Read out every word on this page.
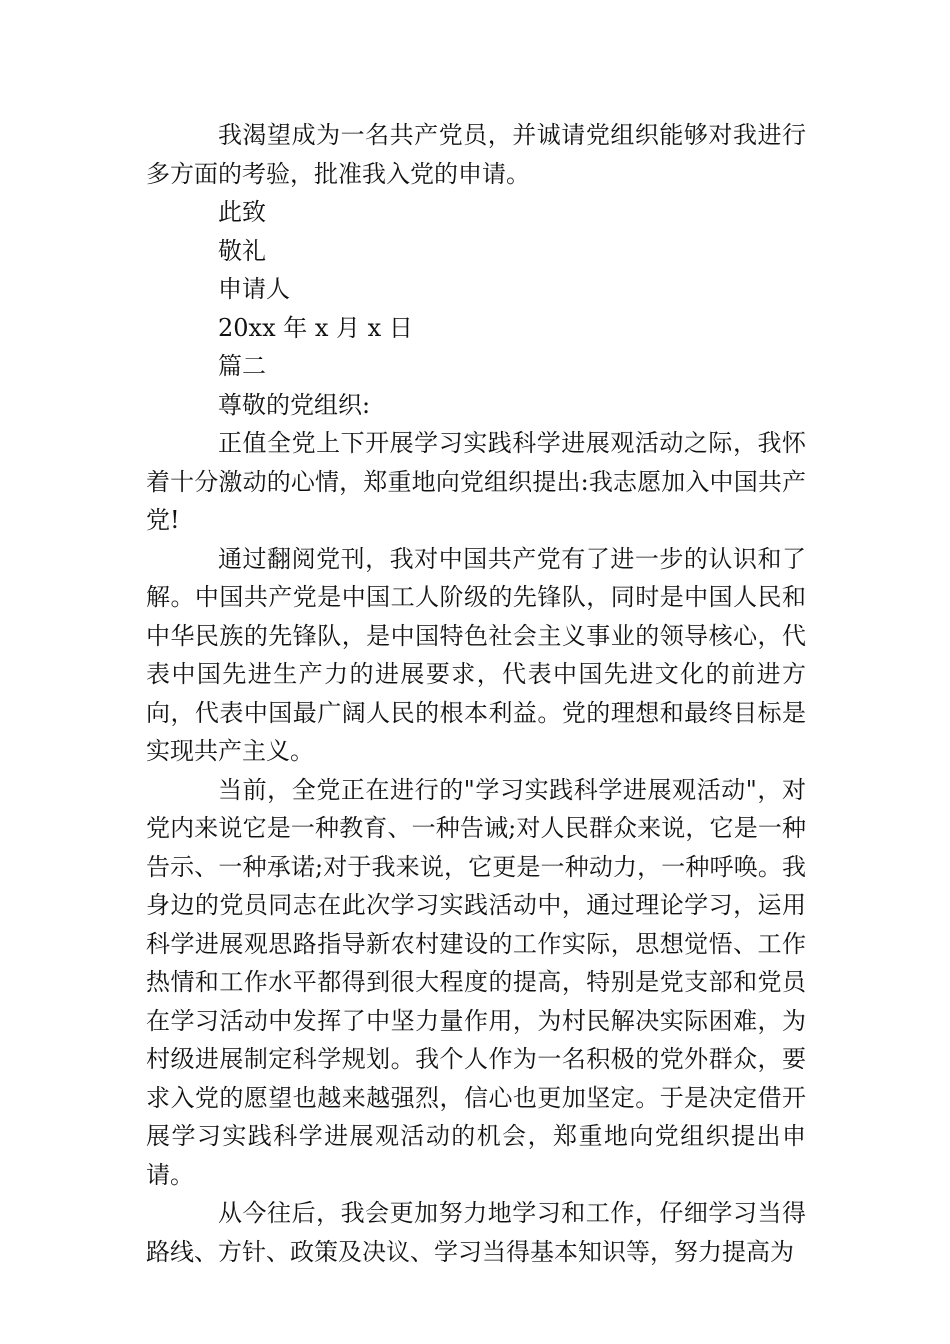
我渴望成为一名共产党员，并诚请党组织能够对我进行多方面的考验，批准我入党的申请。

此致

敬礼

申请人

20xx 年 x 月 x 日

篇二

尊敬的党组织:

正值全党上下开展学习实践科学进展观活动之际，我怀着十分激动的心情，郑重地向党组织提出:我志愿加入中国共产党!

通过翻阅党刊，我对中国共产党有了进一步的认识和了解。中国共产党是中国工人阶级的先锋队，同时是中国人民和中华民族的先锋队，是中国特色社会主义事业的领导核心，代表中国先进生产力的进展要求，代表中国先进文化的前进方向，代表中国最广阔人民的根本利益。党的理想和最终目标是实现共产主义。

当前，全党正在进行的"学习实践科学进展观活动"，对党内来说它是一种教育、一种告诫;对人民群众来说，它是一种告示、一种承诺;对于我来说，它更是一种动力，一种呼唤。我身边的党员同志在此次学习实践活动中，通过理论学习，运用科学进展观思路指导新农村建设的工作实际，思想觉悟、工作热情和工作水平都得到很大程度的提高，特别是党支部和党员在学习活动中发挥了中坚力量作用，为村民解决实际困难，为村级进展制定科学规划。我个人作为一名积极的党外群众，要求入党的愿望也越来越强烈，信心也更加坚定。于是决定借开展学习实践科学进展观活动的机会，郑重地向党组织提出申请。

从今往后，我会更加努力地学习和工作，仔细学习当得路线、方针、政策及决议、学习当得基本知识等，努力提高为
